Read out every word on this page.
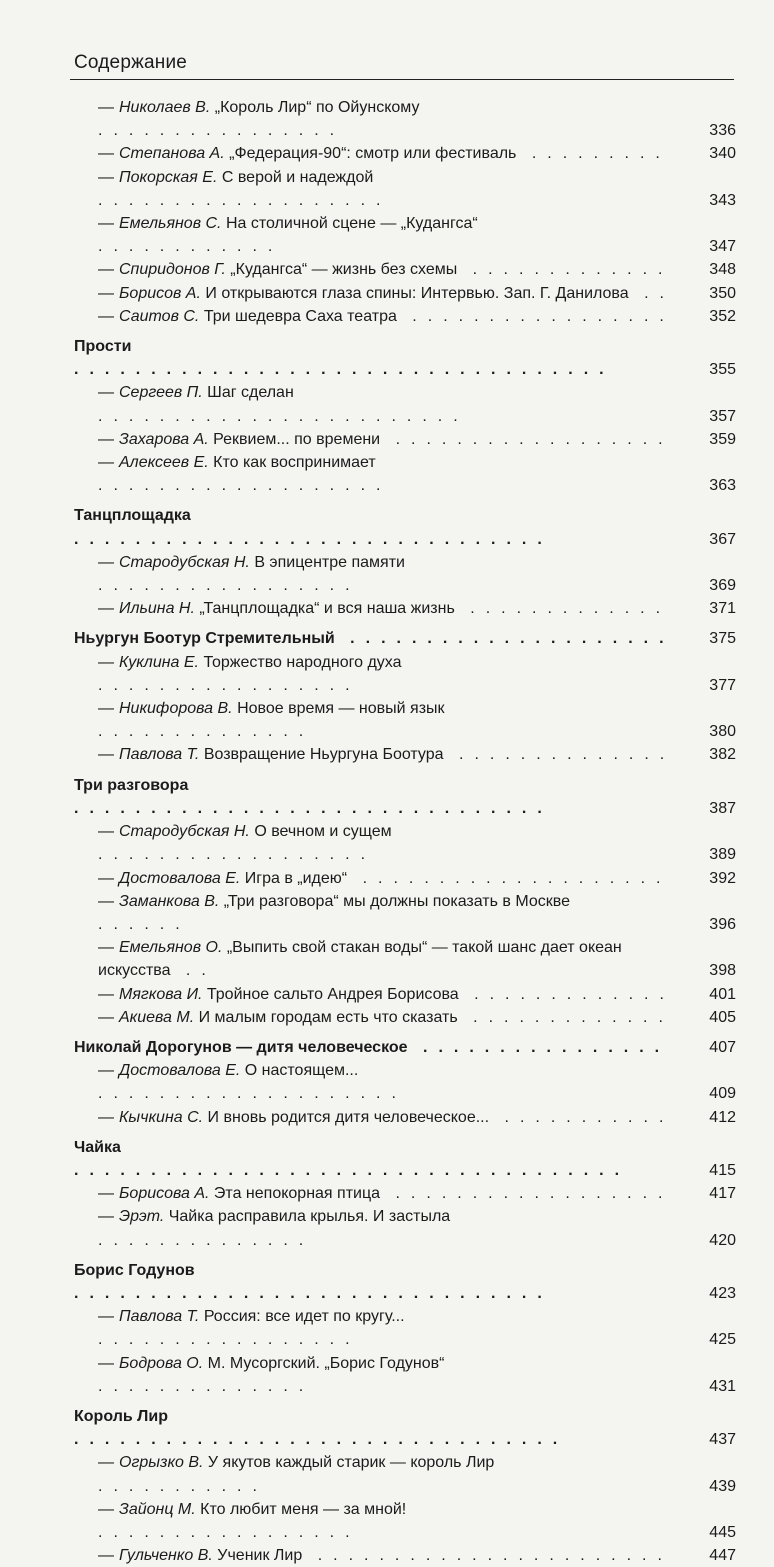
Содержание
— Николаев В. „Король Лир“ по Ойунскому ................	336
— Степанова А. „Федерация-90“: смотр или фестиваль .........	340
— Покорская Е. С верой и надеждой ...................	343
— Емельянов С. На столичной сцене — „Кудангса“ ............	347
— Спиридонов Г. „Кудангса“ — жизнь без схемы .............	348
— Борисов А. И открываются глаза спины: Интервью. Зап. Г. Данилова ..	350
— Саитов С. Три шедевра Саха театра .................	352
Прости ...................................	355
— Сергеев П. Шаг сделан ........................	357
— Захарова А. Реквием... по времени ..................	359
— Алексеев Е. Кто как воспринимает ...................	363
Танцплощадка ...............................	367
— Стародубская Н. В эпицентре памяти .................	369
— Ильина Н. „Танцплощадка“ и вся наша жизнь .............	371
Ньургун Боотур Стремительный .....................	375
— Куклина Е. Торжество народного духа .................	377
— Никифорова В. Новое время — новый язык ..............	380
— Павлова Т. Возвращение Ньургуна Боотура ..............	382
Три разговора ...............................	387
— Стародубская Н. О вечном и сущем ..................	389
— Достовалова Е. Игра в „идею“ ....................	392
— Заманкова В. „Три разговора“ мы должны показать в Москве ......	396
— Емельянов О. „Выпить свой стакан воды“ — такой шанс дает океан искусства ..	398
— Мягкова И. Тройное сальто Андрея Борисова .............	401
— Акиева М. И малым городам есть что сказать .............	405
Николай Дорогунов — дитя человеческое ................	407
— Достовалова Е. О настоящем... ....................	409
— Кычкина С. И вновь родится дитя человеческое... ...........	412
Чайка ....................................	415
— Борисова А. Эта непокорная птица ..................	417
— Эрэт. Чайка расправила крылья. И застыла ..............	420
Борис Годунов ...............................	423
— Павлова Т. Россия: все идет по кругу... .................	425
— Бодрова О. М. Мусоргский. „Борис Годунов“ ..............	431
Король Лир ................................	437
— Огрызко В. У якутов каждый старик — король Лир ...........	439
— Зайонц М. Кто любит меня — за мной! .................	445
— Гульченко В. Ученик Лир .......................	447
